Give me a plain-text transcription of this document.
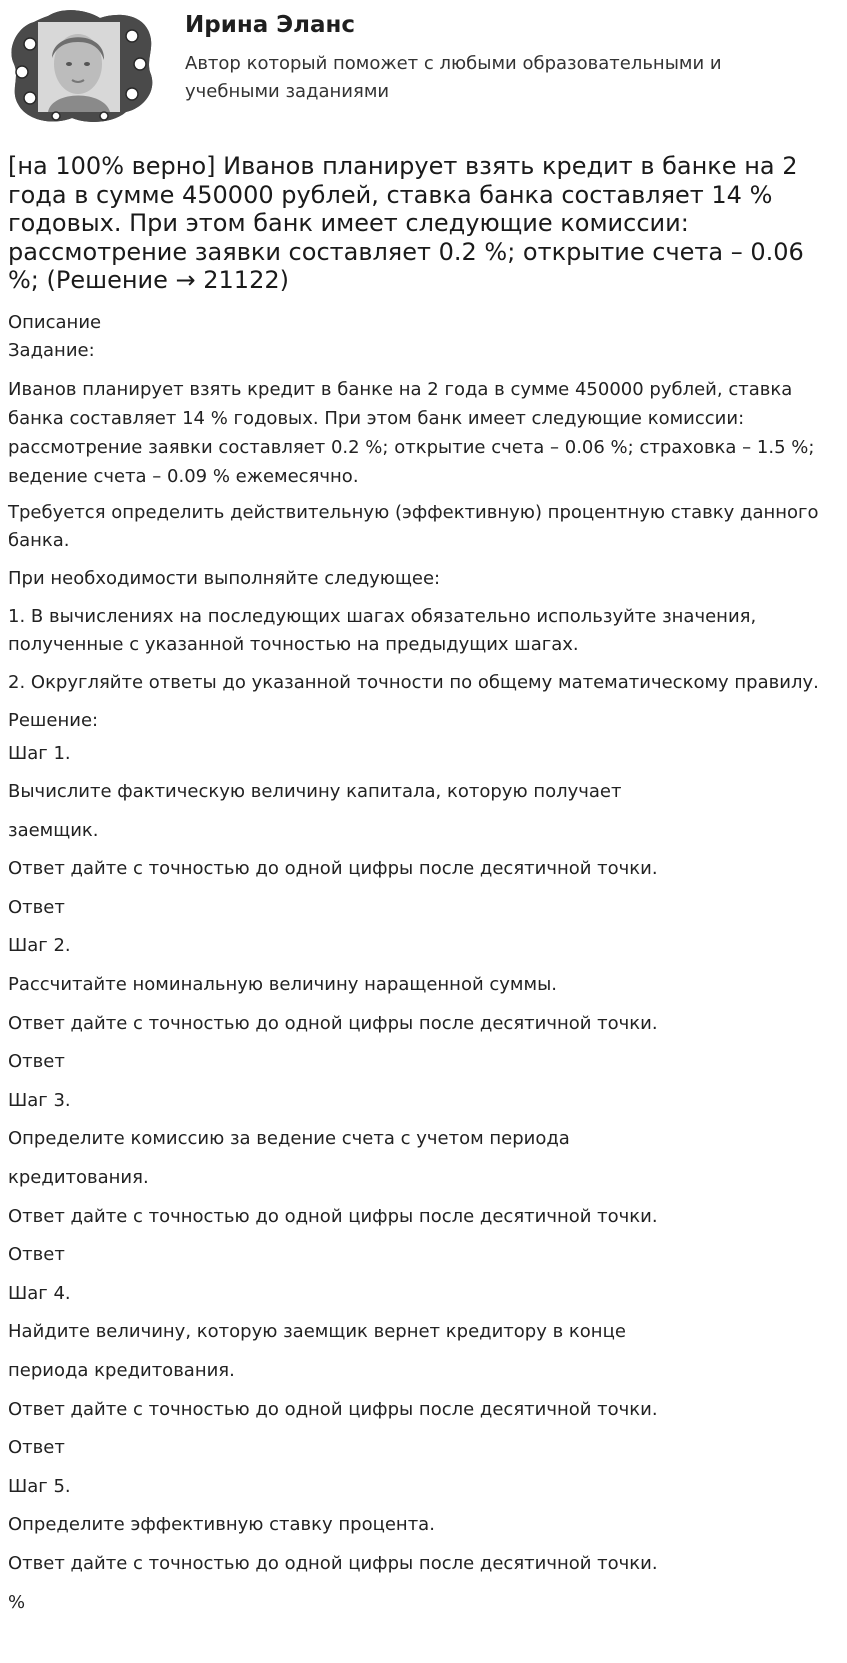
Ирина Эланс
Автор который поможет с любыми образовательными и учебными заданиями
[на 100% верно] Иванов планирует взять кредит в банке на 2 года в сумме 450000 рублей, ставка банка составляет 14 % годовых. При этом банк имеет следующие комиссии: рассмотрение заявки составляет 0.2 %; открытие счета – 0.06 %; (Решение → 21122)

Описание

Задание:

Иванов планирует взять кредит в банке на 2 года в сумме 450000 рублей, ставка банка составляет 14 % годовых. При этом банк имеет следующие комиссии: рассмотрение заявки составляет 0.2 %; открытие счета – 0.06 %; страховка – 1.5 %; ведение счета – 0.09 % ежемесячно.

Требуется определить действительную (эффективную) процентную ставку данного банка.

При необходимости выполняйте следующее:

1. В вычислениях на последующих шагах обязательно используйте значения, полученные с указанной точностью на предыдущих шагах.

2. Округляйте ответы до указанной точности по общему математическому правилу.

Решение:

Шаг 1.
Вычислите фактическую величину капитала, которую получает
заемщик.
Ответ дайте с точностью до одной цифры после десятичной точки.
Ответ
Шаг 2.
Рассчитайте номинальную величину наращенной суммы.
Ответ дайте с точностью до одной цифры после десятичной точки.
Ответ
Шаг 3.
Определите комиссию за ведение счета с учетом периода
кредитования.
Ответ дайте с точностью до одной цифры после десятичной точки.
Ответ
Шаг 4.
Найдите величину, которую заемщик вернет кредитору в конце
периода кредитования.
Ответ дайте с точностью до одной цифры после десятичной точки.
Ответ
Шаг 5.
Определите эффективную ставку процента.
Ответ дайте с точностью до одной цифры после десятичной точки.
%
